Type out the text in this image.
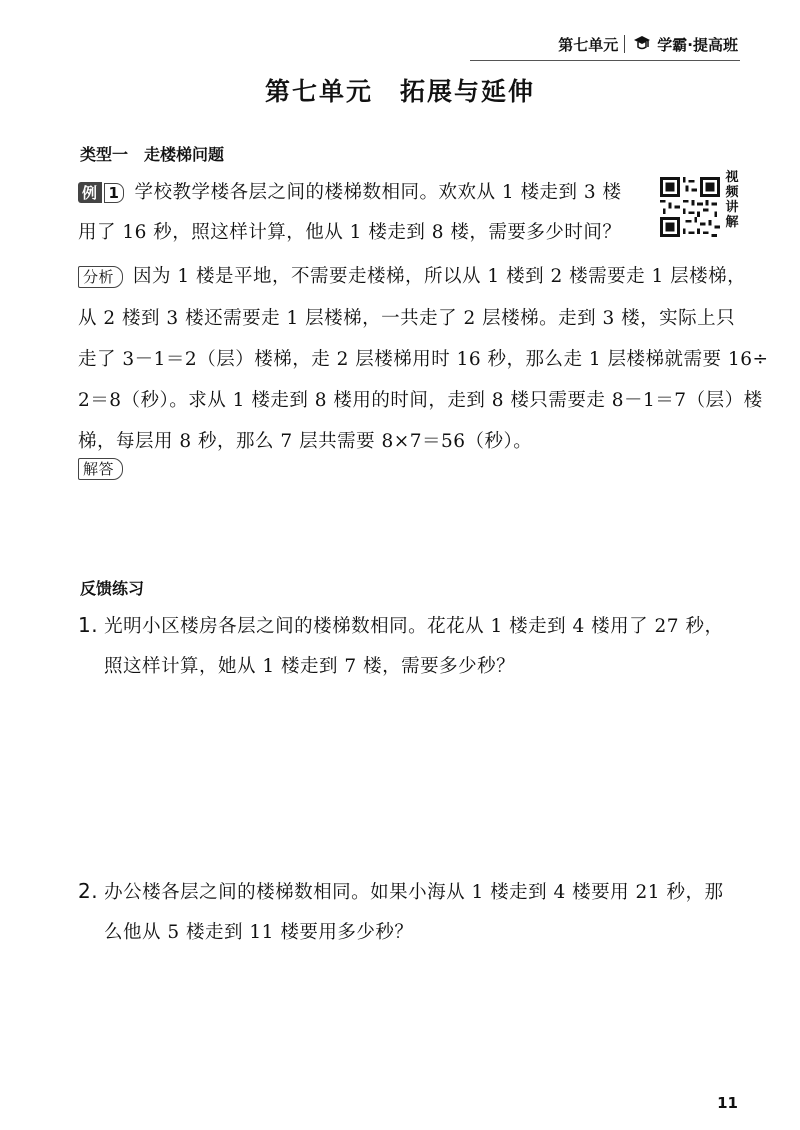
第七单元	学霸·提高班
第七单元　拓展与延伸
类型一　走楼梯问题
例 1 学校教学楼各层之间的楼梯数相同。欢欢从 1 楼走到 3 楼
用了 16 秒，照这样计算，他从 1 楼走到 8 楼，需要多少时间？
视
频
讲
解
分析 因为 1 楼是平地，不需要走楼梯，所以从 1 楼到 2 楼需要走 1 层楼梯，
从 2 楼到 3 楼还需要走 1 层楼梯，一共走了 2 层楼梯。走到 3 楼，实际上只
走了 3－1＝2（层）楼梯，走 2 层楼梯用时 16 秒，那么走 1 层楼梯就需要 16÷
2＝8（秒）。求从 1 楼走到 8 楼用的时间，走到 8 楼只需要走 8－1＝7（层）楼
梯，每层用 8 秒，那么 7 层共需要 8×7＝56（秒）。
解答
反馈练习
1. 光明小区楼房各层之间的楼梯数相同。花花从 1 楼走到 4 楼用了 27 秒，
照这样计算，她从 1 楼走到 7 楼，需要多少秒？
2. 办公楼各层之间的楼梯数相同。如果小海从 1 楼走到 4 楼要用 21 秒，那
么他从 5 楼走到 11 楼要用多少秒？
11
